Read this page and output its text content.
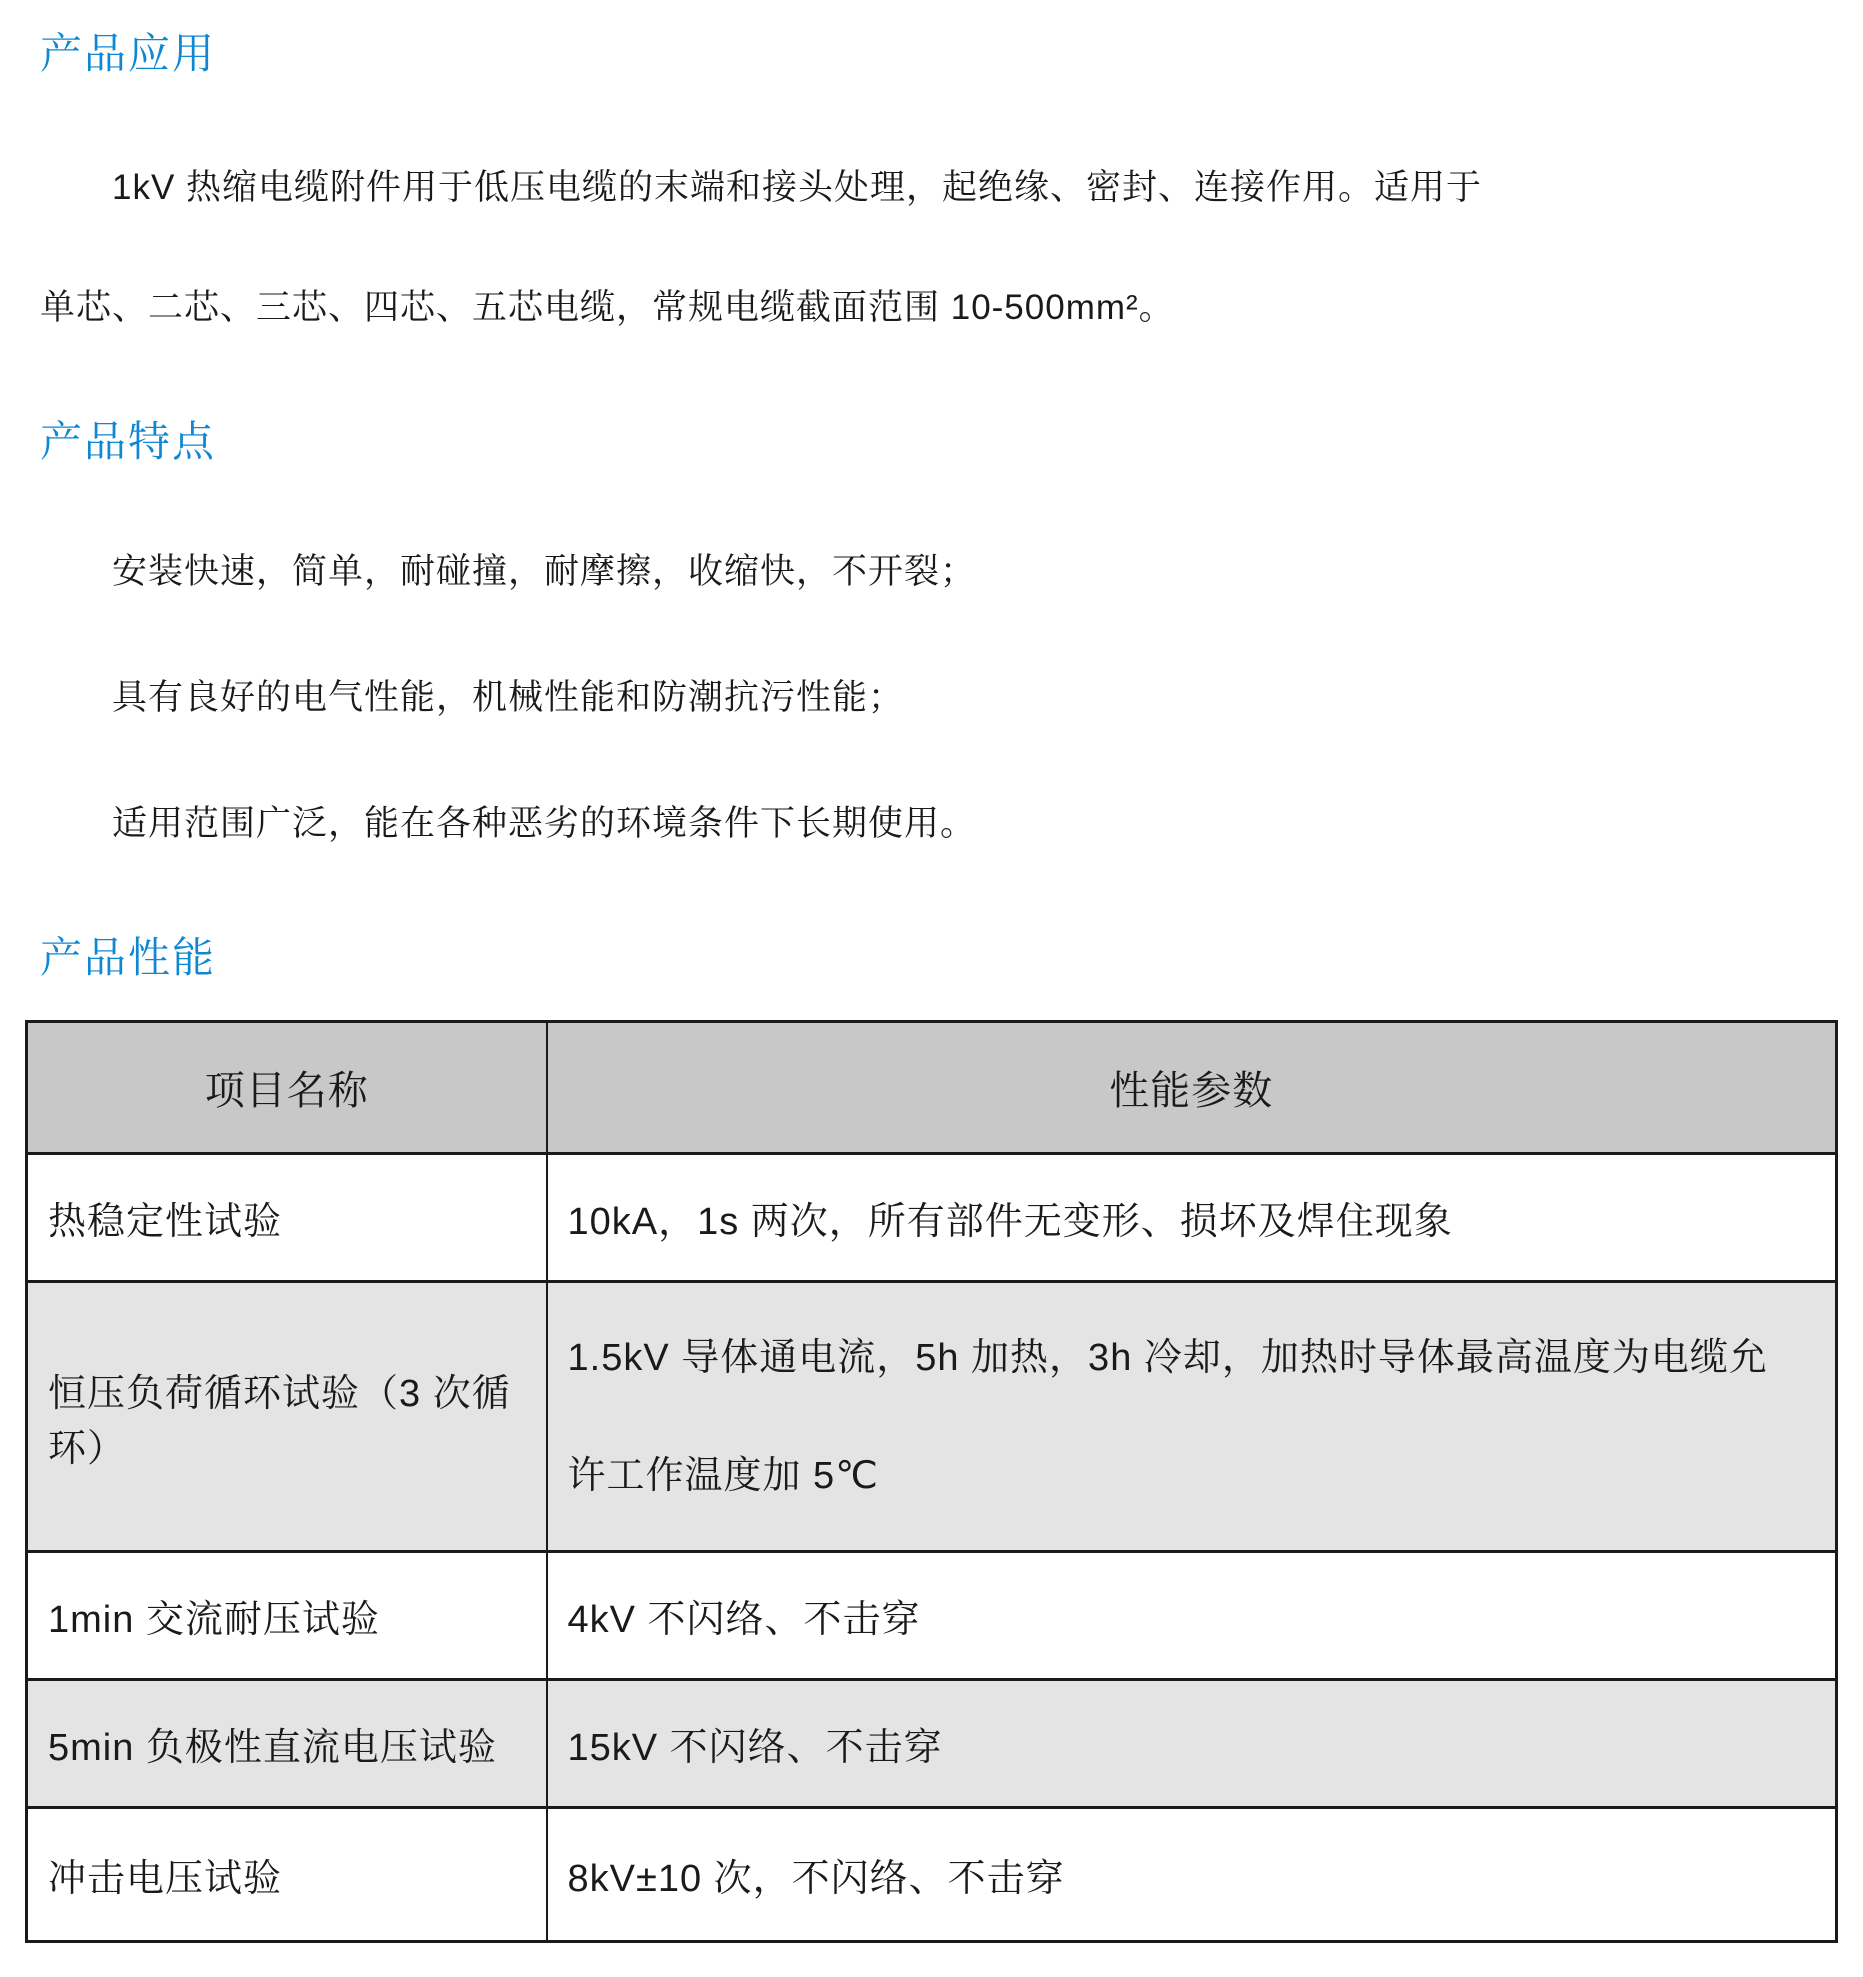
产品应用
1kV 热缩电缆附件用于低压电缆的末端和接头处理，起绝缘、密封、连接作用。适用于
单芯、二芯、三芯、四芯、五芯电缆，常规电缆截面范围 10-500mm²。
产品特点
安装快速，简单，耐碰撞，耐摩擦，收缩快，不开裂；
具有良好的电气性能，机械性能和防潮抗污性能；
适用范围广泛，能在各种恶劣的环境条件下长期使用。
产品性能
项目名称	性能参数
热稳定性试验	10kA，1s 两次，所有部件无变形、损坏及焊住现象
恒压负荷循环试验（3 次循环）	1.5kV 导体通电流，5h 加热，3h 冷却，加热时导体最高温度为电缆允
许工作温度加 5℃

1min 交流耐压试验	4kV 不闪络、不击穿
5min 负极性直流电压试验	15kV 不闪络、不击穿
冲击电压试验	8kV±10 次，不闪络、不击穿
